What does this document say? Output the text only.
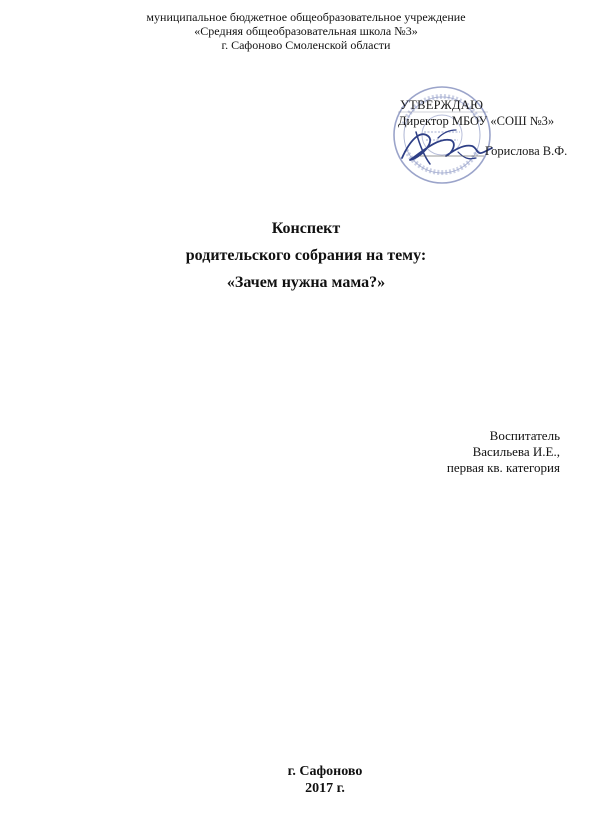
муниципальное бюджетное общеобразовательное учреждение
«Средняя общеобразовательная школа №3»
г. Сафоново Смоленской области
УТВЕРЖДАЮ
Директор МБОУ «СОШ №3»
Горислова В.Ф.
Конспект
родительского собрания на тему:
«Зачем нужна мама?»
Воспитатель
Васильева И.Е.,
первая кв. категория
г. Сафоново
2017 г.
